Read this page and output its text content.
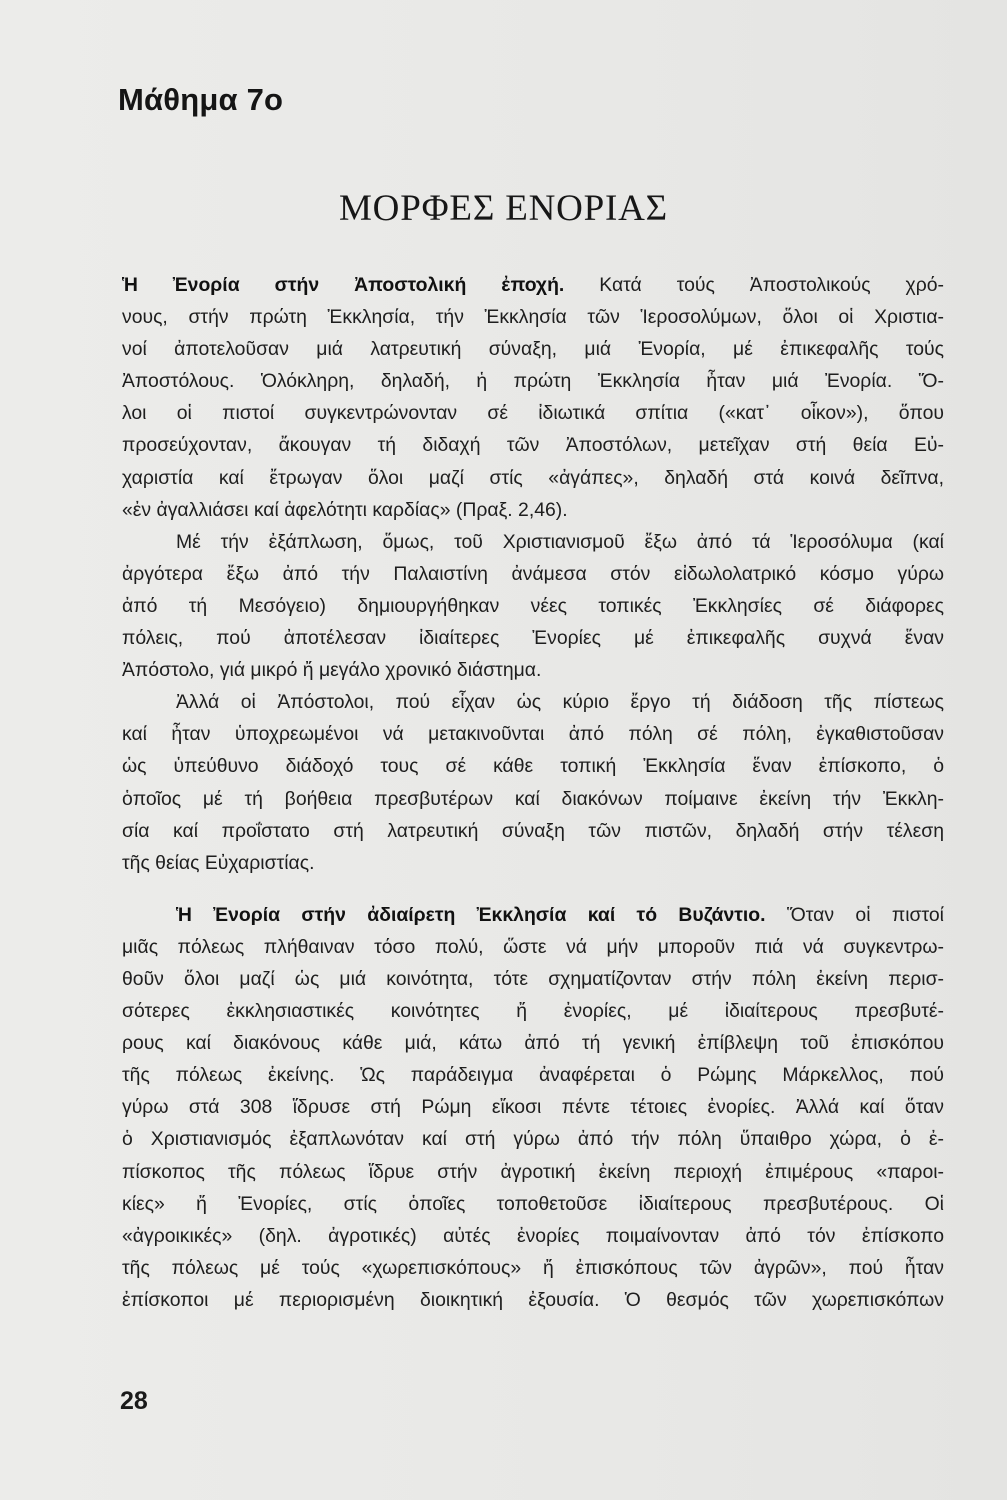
Μάθημα 7ο
ΜΟΡΦΕΣ ΕΝΟΡΙΑΣ
Ἡ Ἐνορία στήν Ἀποστολική ἐποχή. Κατά τούς Ἀποστολικούς χρό-
νους, στήν πρώτη Ἐκκλησία, τήν Ἐκκλησία τῶν Ἱεροσολύμων, ὅλοι οἱ Χριστια-
νοί ἀποτελοῦσαν μιά λατρευτική σύναξη, μιά Ἐνορία, μέ ἐπικεφαλῆς τούς
Ἀποστόλους. Ὁλόκληρη, δηλαδή, ἡ πρώτη Ἐκκλησία ἦταν μιά Ἐνορία. Ὅ-
λοι οἱ πιστοί συγκεντρώνονταν σέ ἰδιωτικά σπίτια («κατ᾿ οἶκον»), ὅπου
προσεύχονταν, ἄκουγαν τή διδαχή τῶν Ἀποστόλων, μετεῖχαν στή θεία Εὐ-
χαριστία καί ἔτρωγαν ὅλοι μαζί στίς «ἀγάπες», δηλαδή στά κοινά δεῖπνα,
«ἐν ἀγαλλιάσει καί ἀφελότητι καρδίας» (Πραξ. 2,46).
Μέ τήν ἐξάπλωση, ὅμως, τοῦ Χριστιανισμοῦ ἔξω ἀπό τά Ἱεροσόλυμα (καί
ἀργότερα ἔξω ἀπό τήν Παλαιστίνη ἀνάμεσα στόν εἰδωλολατρικό κόσμο γύρω
ἀπό τή Μεσόγειο) δημιουργήθηκαν νέες τοπικές Ἐκκλησίες σέ διάφορες
πόλεις, πού ἀποτέλεσαν ἰδιαίτερες Ἐνορίες μέ ἐπικεφαλῆς συχνά ἕναν
Ἀπόστολο, γιά μικρό ἤ μεγάλο χρονικό διάστημα.
Ἀλλά οἱ Ἀπόστολοι, πού εἶχαν ὡς κύριο ἔργο τή διάδοση τῆς πίστεως
καί ἦταν ὑποχρεωμένοι νά μετακινοῦνται ἀπό πόλη σέ πόλη, ἐγκαθιστοῦσαν
ὡς ὑπεύθυνο διάδοχό τους σέ κάθε τοπική Ἐκκλησία ἕναν ἐπίσκοπο, ὁ
ὁποῖος μέ τή βοήθεια πρεσβυτέρων καί διακόνων ποίμαινε ἐκείνη τήν Ἐκκλη-
σία καί προΐστατο στή λατρευτική σύναξη τῶν πιστῶν, δηλαδή στήν τέλεση
τῆς θείας Εὐχαριστίας.
Ἡ Ἐνορία στήν ἀδιαίρετη Ἐκκλησία καί τό Βυζάντιο. Ὅταν οἱ πιστοί
μιᾶς πόλεως πλήθαιναν τόσο πολύ, ὥστε νά μήν μποροῦν πιά νά συγκεντρω-
θοῦν ὅλοι μαζί ὡς μιά κοινότητα, τότε σχηματίζονταν στήν πόλη ἐκείνη περισ-
σότερες ἐκκλησιαστικές κοινότητες ἤ ἐνορίες, μέ ἰδιαίτερους πρεσβυτέ-
ρους καί διακόνους κάθε μιά, κάτω ἀπό τή γενική ἐπίβλεψη τοῦ ἐπισκόπου
τῆς πόλεως ἐκείνης. Ὡς παράδειγμα ἀναφέρεται ὁ Ρώμης Μάρκελλος, πού
γύρω στά 308 ἵδρυσε στή Ρώμη εἴκοσι πέντε τέτοιες ἐνορίες. Ἀλλά καί ὅταν
ὁ Χριστιανισμός ἐξαπλωνόταν καί στή γύρω ἀπό τήν πόλη ὕπαιθρο χώρα, ὁ ἐ-
πίσκοπος τῆς πόλεως ἵδρυε στήν ἀγροτική ἐκείνη περιοχή ἐπιμέρους «παροι-
κίες» ἤ Ἐνορίες, στίς ὁποῖες τοποθετοῦσε ἰδιαίτερους πρεσβυτέρους. Οἱ
«ἀγροικικές» (δηλ. ἀγροτικές) αὐτές ἐνορίες ποιμαίνονταν ἀπό τόν ἐπίσκοπο
τῆς πόλεως μέ τούς «χωρεπισκόπους» ἤ ἐπισκόπους τῶν ἀγρῶν», πού ἦταν
ἐπίσκοποι μέ περιορισμένη διοικητική ἐξουσία. Ὁ θεσμός τῶν χωρεπισκόπων
28
